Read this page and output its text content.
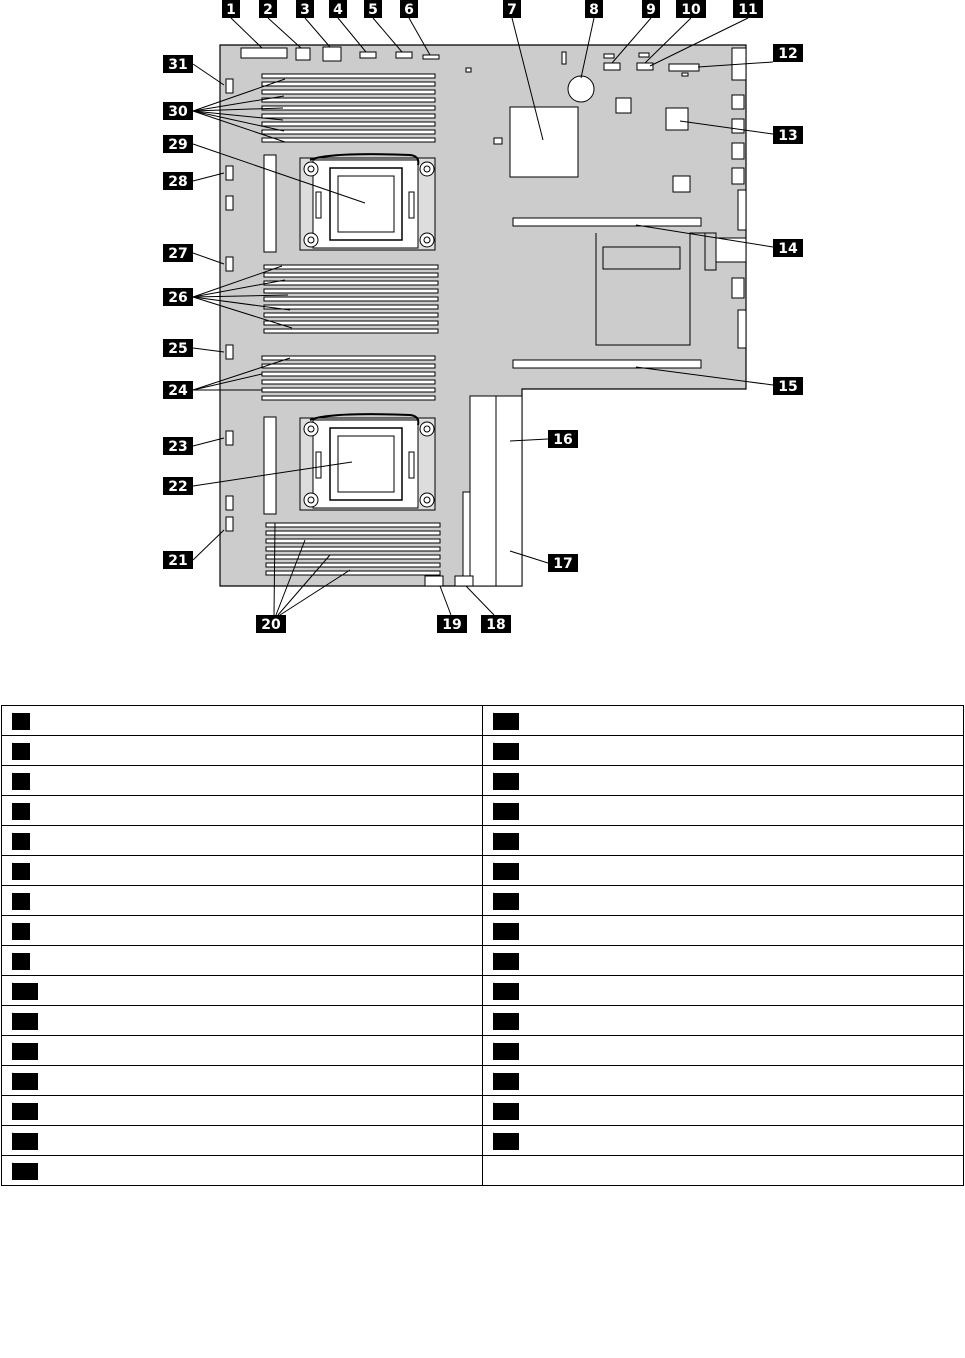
1 2 3 4 5 6	7	8	9 10	11
12
13
14
15
16
17
18
19
20
21
22
23
24
25
26
27
28
29
30
31
1	17
2	18
3	19
4	20
5	21
6	22
7	23
8	24
9	25
10	26
11	27
12	28
13	29
14	30
15	31
16	
